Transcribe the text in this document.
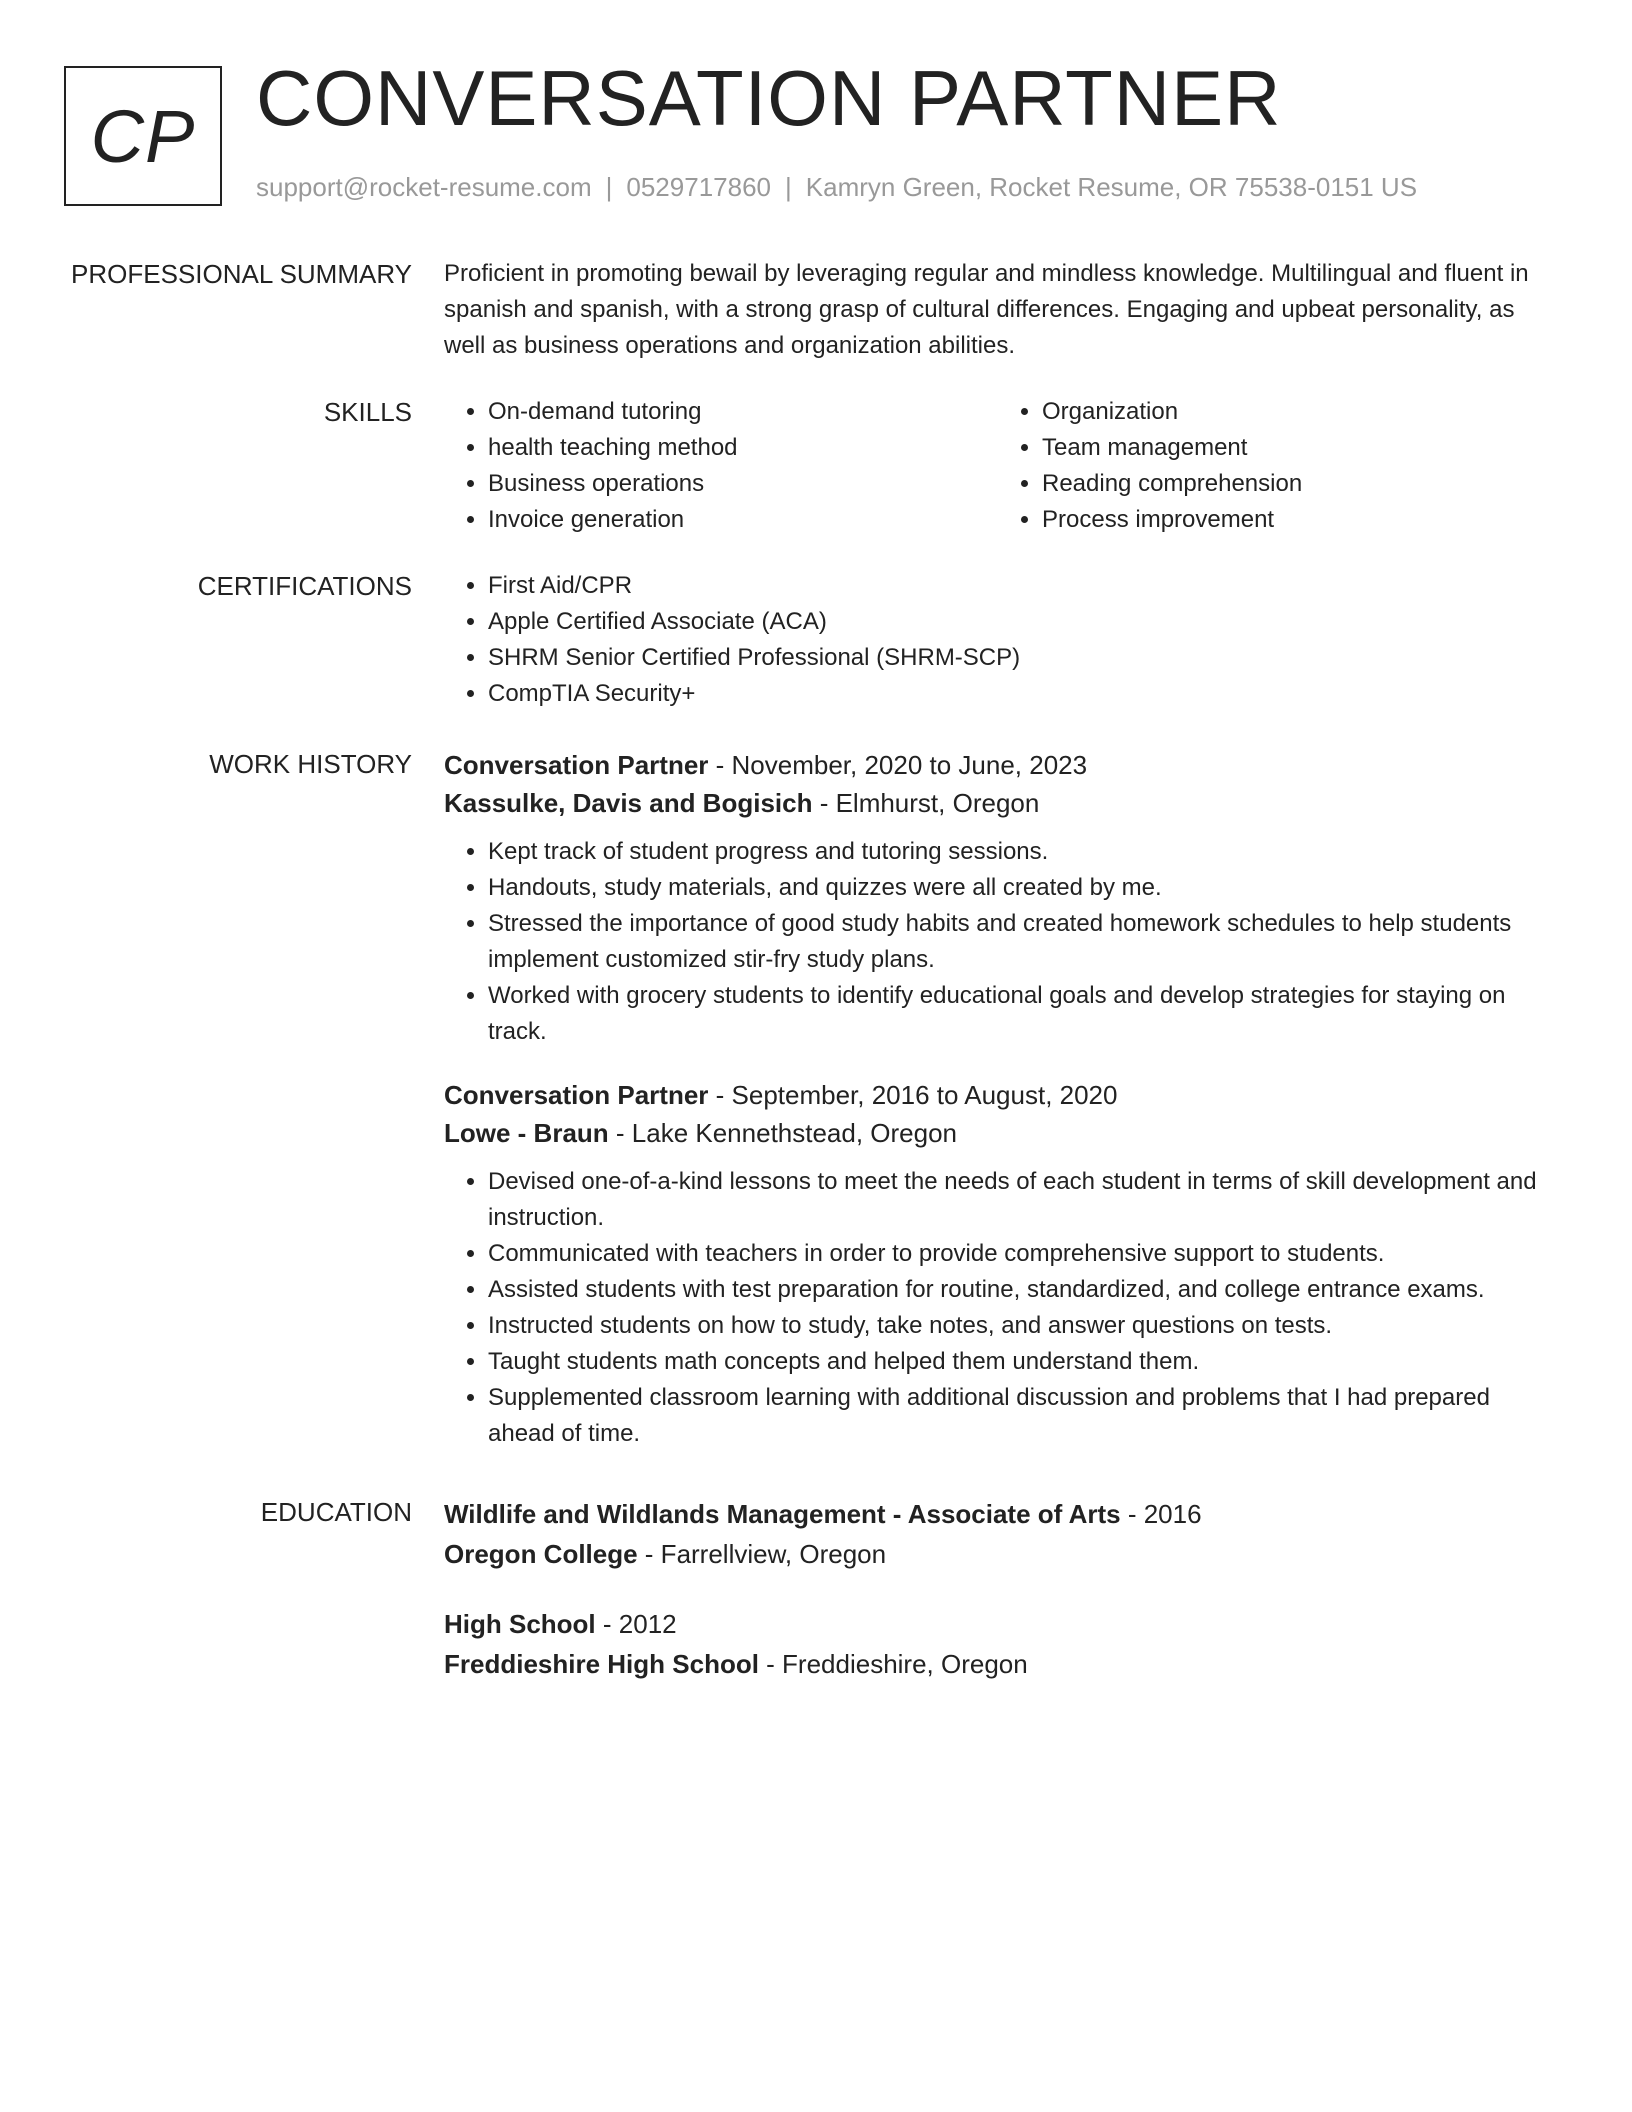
CP CONVERSATION PARTNER
support@rocket-resume.com | 0529717860 | Kamryn Green, Rocket Resume, OR 75538-0151 US
PROFESSIONAL SUMMARY Proficient in promoting bewail by leveraging regular and mindless knowledge. Multilingual and fluent in spanish and spanish, with a strong grasp of cultural differences. Engaging and upbeat personality, as well as business operations and organization abilities.

SKILLS	• On-demand tutoring
• health teaching method
• Business operations
• Invoice generation
• Organization
• Team management
• Reading comprehension
• Process improvement
CERTIFICATIONS	• First Aid/CPR
• Apple Certified Associate (ACA)
• SHRM Senior Certified Professional (SHRM-SCP)
• CompTIA Security+
WORK HISTORY Conversation Partner - November, 2020 to June, 2023
Kassulke, Davis and Bogisich - Elmhurst, Oregon
• Kept track of student progress and tutoring sessions.
• Handouts, study materials, and quizzes were all created by me.
• Stressed the importance of good study habits and created homework schedules to help students implement customized stir-fry study plans.
• Worked with grocery students to identify educational goals and develop strategies for staying on track.
Conversation Partner - September, 2016 to August, 2020
Lowe - Braun - Lake Kennethstead, Oregon
• Devised one-of-a-kind lessons to meet the needs of each student in terms of skill development and instruction.
• Communicated with teachers in order to provide comprehensive support to students.
• Assisted students with test preparation for routine, standardized, and college entrance exams.
• Instructed students on how to study, take notes, and answer questions on tests.
• Taught students math concepts and helped them understand them.
• Supplemented classroom learning with additional discussion and problems that I had prepared ahead of time.
EDUCATION Wildlife and Wildlands Management - Associate of Arts - 2016
Oregon College - Farrellview, Oregon
High School - 2012
Freddieshire High School - Freddieshire, Oregon
